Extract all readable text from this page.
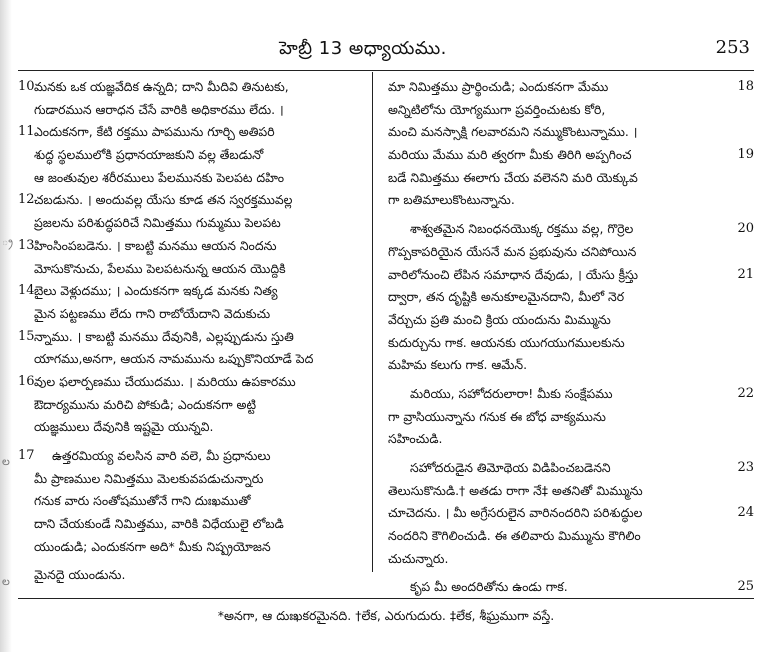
్ర
ల
ల
హెబ్రీ 13 అధ్యాయము.	253
10 మనకు ఒక యజ్ఞవేదిక ఉన్నది; దాని మీదివి తినుటకు,
గుడారమున ఆరాధన చేసే వారికి అధికారము లేదు. ।
11 ఎందుకనగా, కేటి రక్తము పాపమును గూర్చి అతిపరి
శుద్ధ స్థలములోకి ప్రధానయాజకుని వల్ల తేబడునో
ఆ జంతువుల శరీరములు పేలమునకు పెలపట దహిం
12 చబడును. । అందువల్ల యేసు కూడ తన స్వరక్తమువల్ల
ప్రజలను పరిశుద్ధపరిచే నిమిత్తము గుమ్మము పెలపట
13 హింసింపబడెను. । కాబట్టి మనము ఆయన నిందను
మోసుకొనుచు, పేలము పెలపటనున్న ఆయన యొద్దికి
14 బైలు వెళ్లుదము; । ఎందుకనగా ఇక్కడ మనకు నిత్య
మైన పట్టణము లేదు గాని రాబోయేదాని వెదుకుచు
15 న్నాము. । కాబట్టి మనము దేవునికి, ఎల్లప్పుడును స్తుతి
యాగము,అనగా, ఆయన నామమును ఒప్పుకొనియాడే పెద
16 వుల ఫలార్పణము చేయుదము. । మరియు ఉపకారము
ఔదార్యమును మరిచి పోకుడి; ఎందుకనగా అట్టి
యజ్ఞములు దేవునికి ఇష్టమై యున్నవి.
17 ఉత్తరమియ్య వలసిన వారి వలె, మీ ప్రధానులు
మీ ప్రాణముల నిమిత్తము మెలకువపడుచున్నారు
గనుక వారు సంతోషముతోనే గాని దుఃఖముతో
దాని చేయకుండే నిమిత్తము, వారికి విధేయులై లోబడి
యుండుడి; ఎందుకనగా అది* మీకు నిష్ప్రయోజన
మైనదై యుండును.
18
మా నిమిత్తము ప్రార్థించుడి; ఎందుకనగా మేము
అన్నిటిలోను యోగ్యముగా ప్రవర్తించుటకు కోరి,
మంచి మనస్సాక్షి గలవారమని నమ్ముకొంటున్నాము. ।
19
మరియు మేము మరి త్వరగా మీకు తిరిగి అప్పగించ
బడే నిమిత్తము ఈలాగు చేయ వలెనని మరి యెక్కువ
గా బతిమాలుకొంటున్నాను.
20
శాశ్వతమైన నిబంధనయొక్క రక్తము వల్ల, గొర్రెల
గొప్పకాపరియైన యేసనే మన ప్రభువును చనిపోయిన
21
వారిలోనుంచి లేపిన సమాధాన దేవుడు, । యేసు క్రీస్తు
ద్వారా, తన దృష్టికి అనుకూలమైనదాని, మీలో నెర
వేర్చుచు ప్రతి మంచి క్రియ యందును మిమ్మును
కుదుర్చును గాక. ఆయనకు యుగయుగములకును
మహిమ కలుగు గాక. ఆమేన్.
22
మరియు, సహోదరులారా! మీకు సంక్షేపము
గా వ్రాసియున్నాను గనుక ఈ బోధ వాక్యమును
సహించుడి.
23
సహోదరుడైన తిమోథెయ విడిపించబడెనని
తెలుసుకొనుడి.† అతడు రాగా నే‡ అతనితో మిమ్మును
24
చూచెదను. । మీ అగ్రేసరులైన వారినందరిని పరిశుద్ధుల
నందరిని కౌగిలించుడి. ఈ తలివారు మిమ్మును కౌగిలిం
చుచున్నారు.
25
కృప మీ అందరితోను ఉండు గాక.
*అనగా, ఆ దుఃఖకరమైనది. †లేక, ఎరుగుదురు. ‡లేక, శీఘ్రముగా వస్తే.
